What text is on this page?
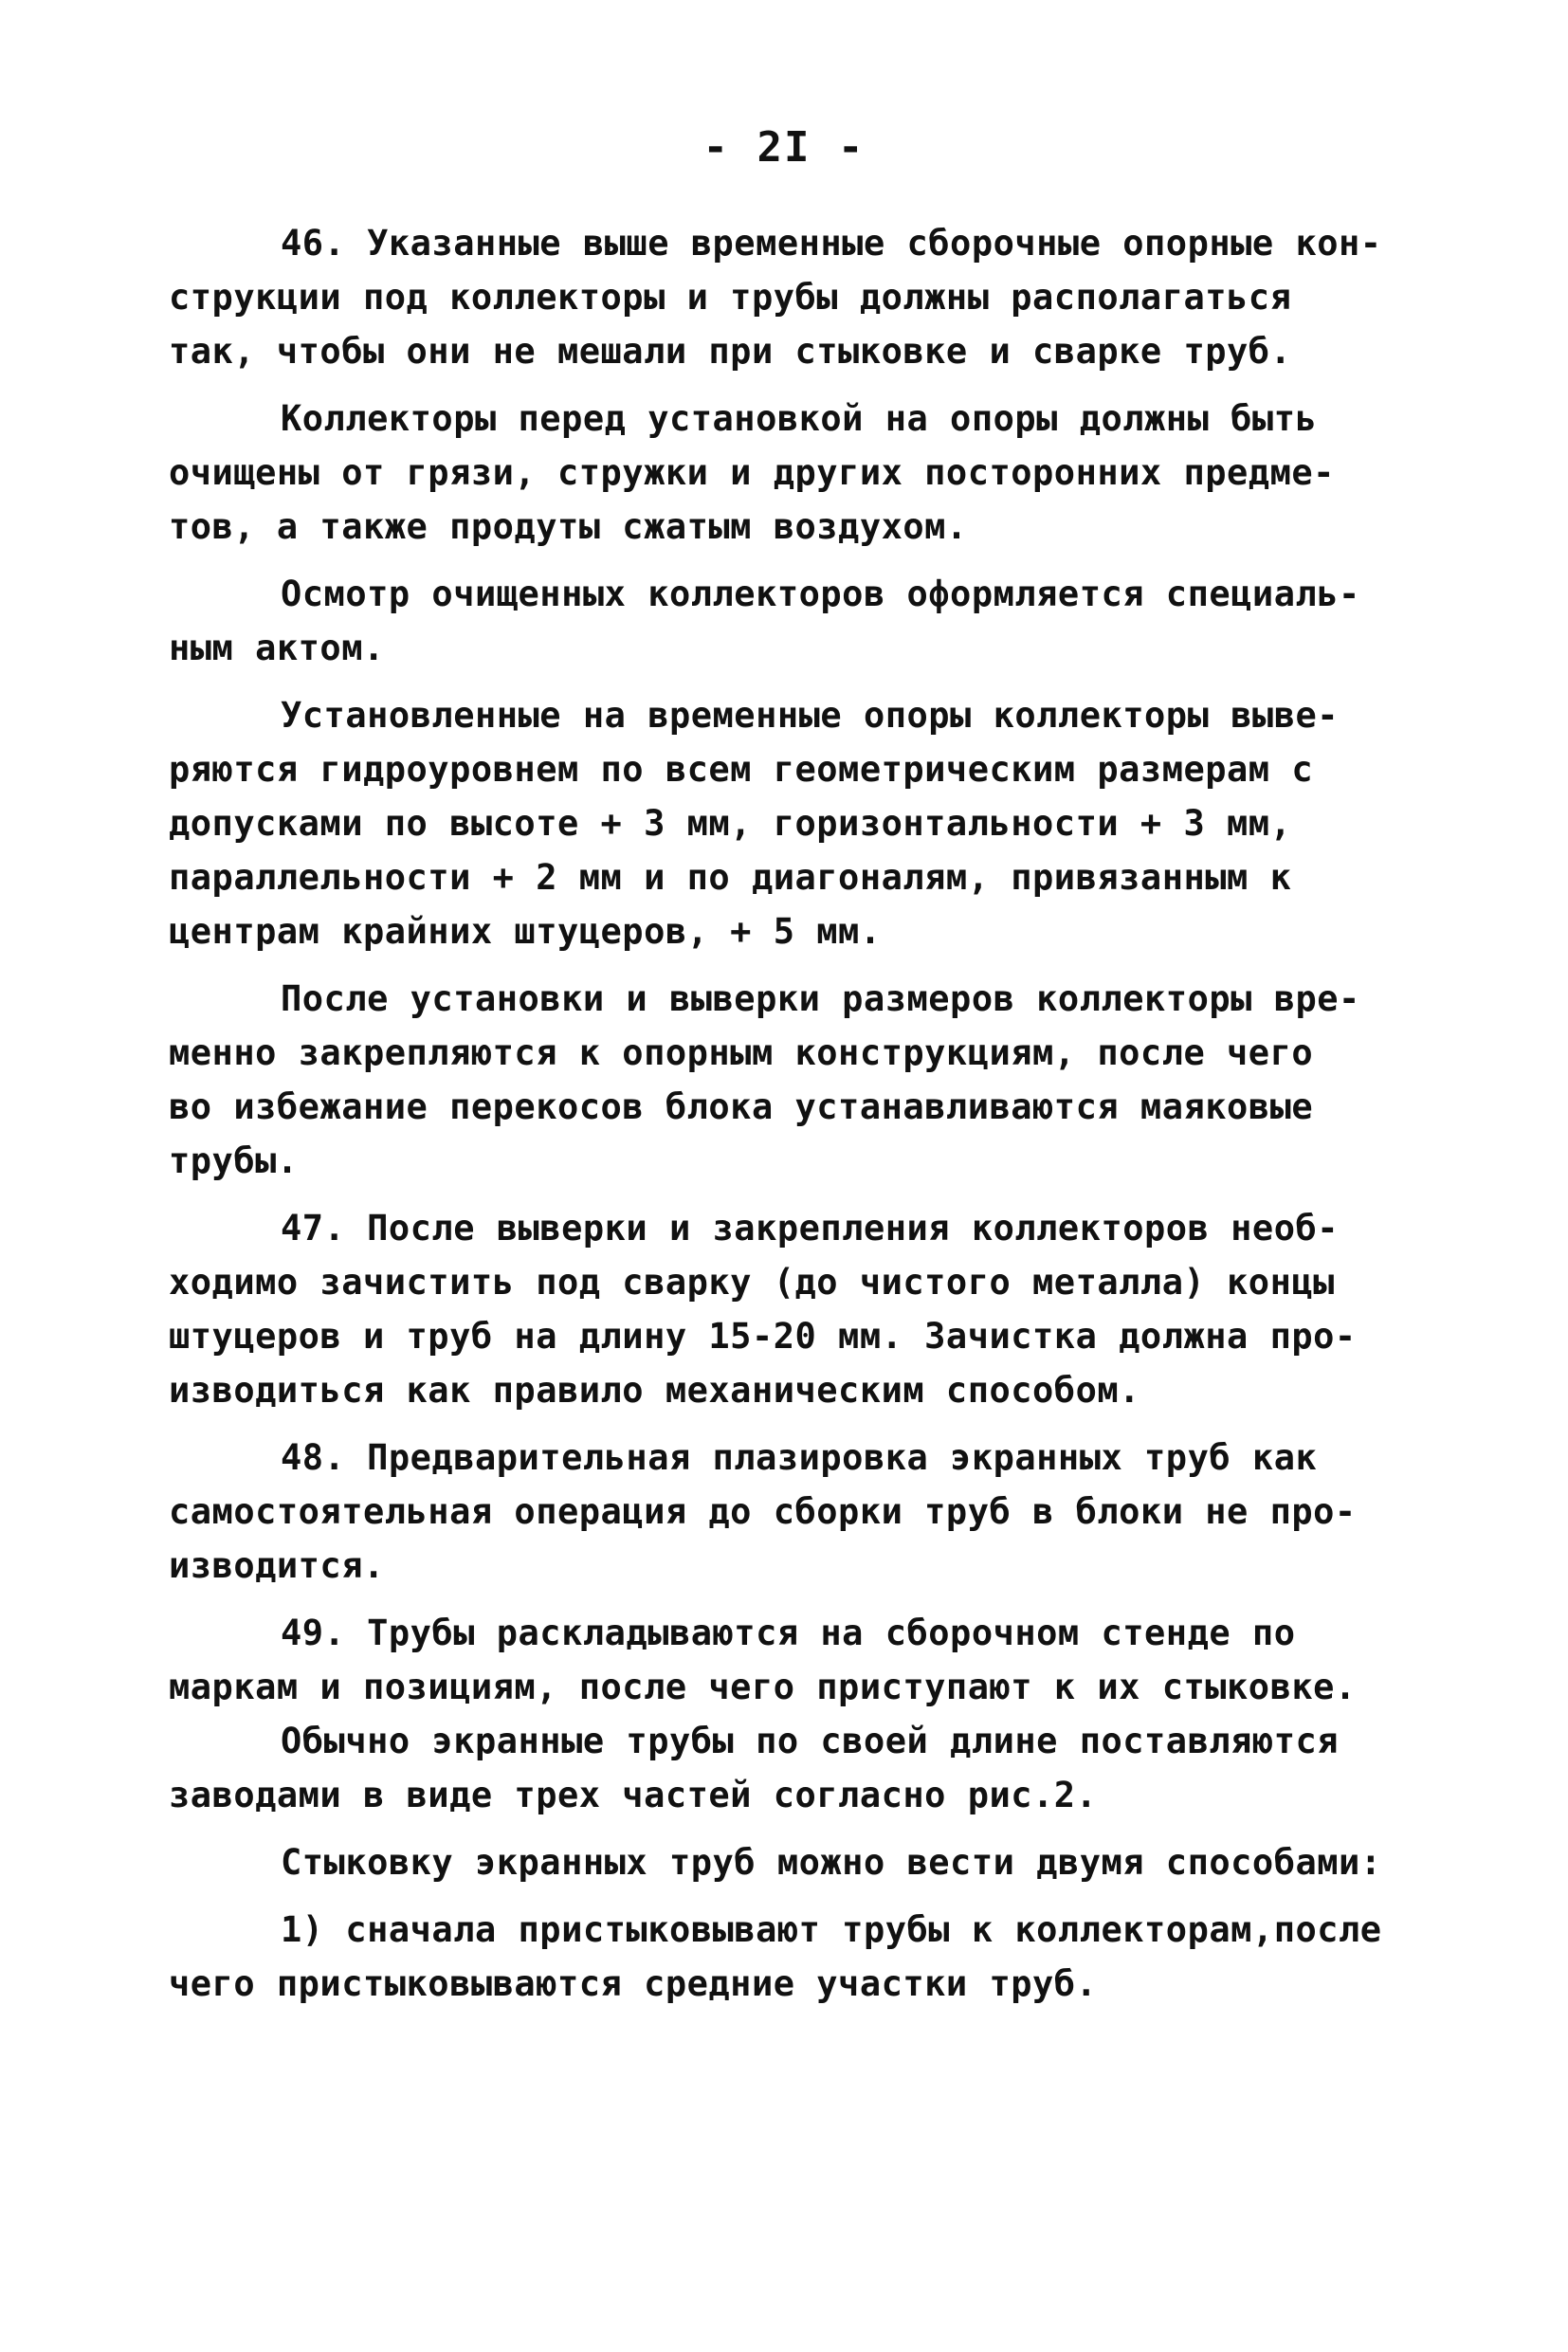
- 2I -
46. Указанные выше временные сборочные опорные кон-
струкции под коллекторы и трубы должны располагаться
так, чтобы они не мешали при стыковке и сварке труб.
Коллекторы перед установкой на опоры должны быть
очищены от грязи, стружки и других посторонних предме-
тов, а также продуты сжатым воздухом.
Осмотр очищенных коллекторов оформляется специаль-
ным актом.
Установленные на временные опоры коллекторы выве-
ряются гидроуровнем по всем геометрическим размерам с
допусками по высоте + 3 мм, горизонтальности + 3 мм,
параллельности + 2 мм и по диагоналям, привязанным к
центрам крайних штуцеров, + 5 мм.
После установки и выверки размеров коллекторы вре-
менно закрепляются к опорным конструкциям, после чего
во избежание перекосов блока устанавливаются маяковые
трубы.
47. После выверки и закрепления коллекторов необ-
ходимо зачистить под сварку (до чистого металла) концы
штуцеров и труб на длину 15-20 мм. Зачистка должна про-
изводиться как правило механическим способом.
48. Предварительная плазировка экранных труб как
самостоятельная операция до сборки труб в блоки не про-
изводится.
49. Трубы раскладываются на сборочном стенде по
маркам и позициям, после чего приступают к их стыковке.
Обычно экранные трубы по своей длине поставляются
заводами в виде трех частей согласно рис.2.
Стыковку экранных труб можно вести двумя способами:
1) сначала пристыковывают трубы к коллекторам,после
чего пристыковываются средние участки труб.
